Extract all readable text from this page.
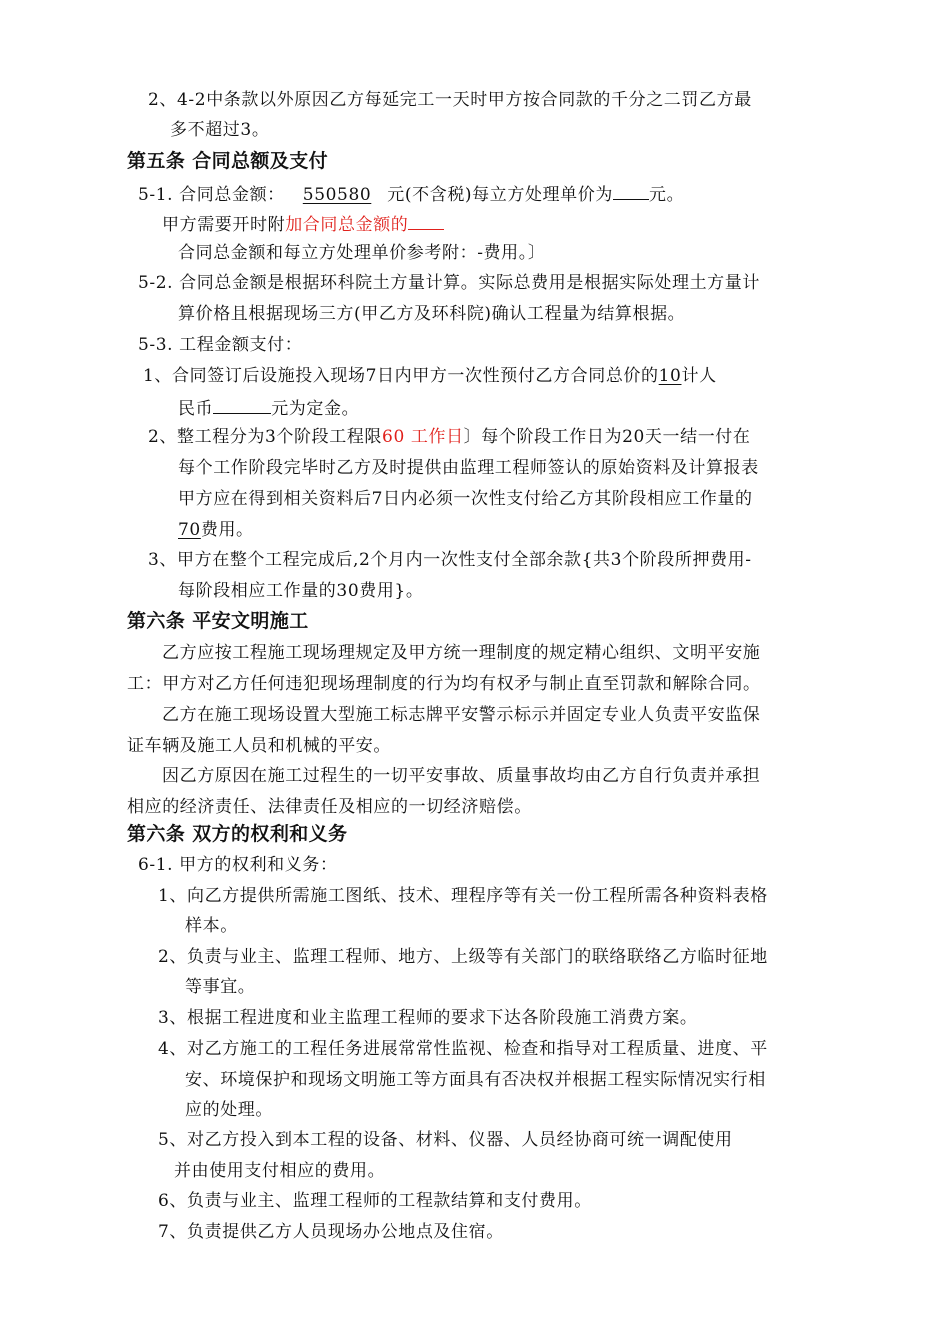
2、4-2中条款以外原因乙方每延完工一天时甲方按合同款的千分之二罚乙方最
多不超过3。
第五条 合同总额及支付
5-1. 合同总金额： 550580 元(不含税)每立方处理单价为 元。
甲方需要开时附加合同总金额的
合同总金额和每立方处理单价参考附：-费用。〕
5-2. 合同总金额是根据环科院土方量计算。实际总费用是根据实际处理土方量计
算价格且根据现场三方(甲乙方及环科院)确认工程量为结算根据。
5-3. 工程金额支付：
1、合同签订后设施投入现场7日内甲方一次性预付乙方合同总价的10计人
民币	元为定金。
2、整工程分为3个阶段工程限60 工作日〕每个阶段工作日为20天一结一付在
每个工作阶段完毕时乙方及时提供由监理工程师签认的原始资料及计算报表
甲方应在得到相关资料后7日内必须一次性支付给乙方其阶段相应工作量的
70费用。
3、甲方在整个工程完成后,2个月内一次性支付全部余款{共3个阶段所押费用-
每阶段相应工作量的30费用}。
第六条 平安文明施工
乙方应按工程施工现场理规定及甲方统一理制度的规定精心组织、文明平安施
工：甲方对乙方任何违犯现场理制度的行为均有权矛与制止直至罚款和解除合同。
乙方在施工现场设置大型施工标志牌平安警示标示并固定专业人负责平安监保
证车辆及施工人员和机械的平安。
因乙方原因在施工过程生的一切平安事故、质量事故均由乙方自行负责并承担
相应的经济责任、法律责任及相应的一切经济赔偿。
第六条 双方的权利和义务
6-1. 甲方的权利和义务：
1、向乙方提供所需施工图纸、技术、理程序等有关一份工程所需各种资料表格
样本。
2、负责与业主、监理工程师、地方、上级等有关部门的联络联络乙方临时征地
等事宜。
3、根据工程进度和业主监理工程师的要求下达各阶段施工消费方案。
4、对乙方施工的工程任务进展常常性监视、检查和指导对工程质量、进度、平
安、环境保护和现场文明施工等方面具有否决权并根据工程实际情况实行相
应的处理。
5、对乙方投入到本工程的设备、材料、仪器、人员经协商可统一调配使用
并由使用支付相应的费用。
6、负责与业主、监理工程师的工程款结算和支付费用。
7、负责提供乙方人员现场办公地点及住宿。
